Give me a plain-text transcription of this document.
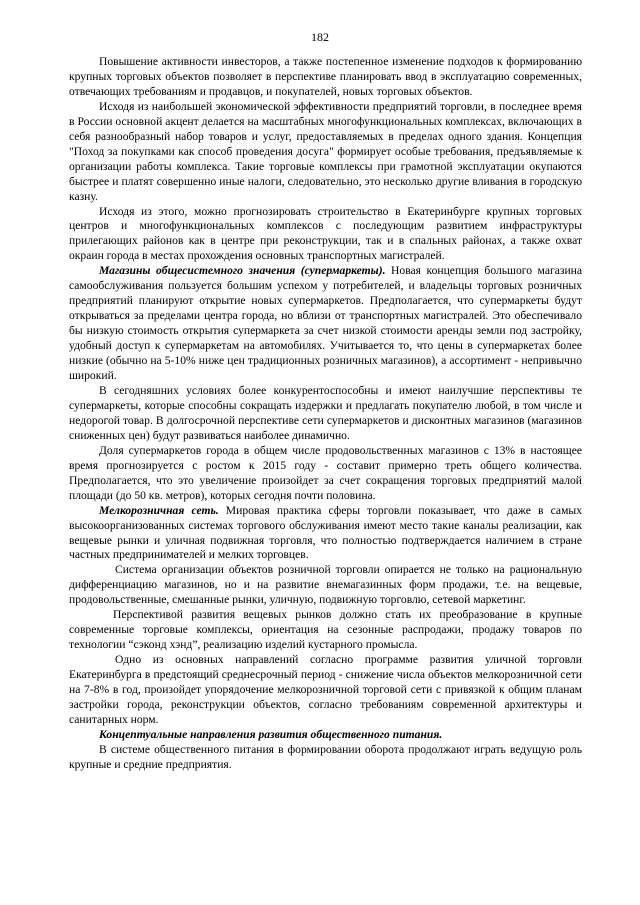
182

Повышение активности инвесторов, а также постепенное изменение подходов к формированию крупных торговых объектов позволяет в перспективе планировать ввод в эксплуатацию современных, отвечающих требованиям и продавцов, и покупателей, новых торговых объектов.

Исходя из наибольшей экономической эффективности предприятий торговли, в последнее время в России основной акцент делается на масштабных многофункциональных комплексах, включающих в себя разнообразный набор товаров и услуг, предоставляемых в пределах одного здания. Концепция "Поход за покупками как способ проведения досуга" формирует особые требования, предъявляемые к организации работы комплекса. Такие торговые комплексы при грамотной эксплуатации окупаются быстрее и платят совершенно иные налоги, следовательно, это несколько другие вливания в городскую казну.

Исходя из этого, можно прогнозировать строительство в Екатеринбурге крупных торговых центров и многофункциональных комплексов с последующим развитием инфраструктуры прилегающих районов как в центре при реконструкции, так и в спальных районах, а также охват окраин города в местах прохождения основных транспортных магистралей.

Магазины общесистемного значения (супермаркеты). Новая концепция большого магазина самообслуживания пользуется большим успехом у потребителей, и владельцы торговых розничных предприятий планируют открытие новых супермаркетов. Предполагается, что супермаркеты будут открываться за пределами центра города, но вблизи от транспортных магистралей. Это обеспечивало бы низкую стоимость открытия супермаркета за счет низкой стоимости аренды земли под застройку, удобный доступ к супермаркетам на автомобилях. Учитывается то, что цены в супермаркетах более низкие (обычно на 5-10% ниже цен традиционных розничных магазинов), а ассортимент - непривычно широкий.

В сегодняшних условиях более конкурентоспособны и имеют наилучшие перспективы те супермаркеты, которые способны сокращать издержки и предлагать покупателю любой, в том числе и недорогой товар. В долгосрочной перспективе сети супермаркетов и дисконтных магазинов (магазинов сниженных цен) будут развиваться наиболее динамично.

Доля супермаркетов города в общем числе продовольственных магазинов с 13% в настоящее время прогнозируется с ростом к 2015 году - составит примерно треть общего количества. Предполагается, что это увеличение произойдет за счет сокращения торговых предприятий малой площади (до 50 кв. метров), которых сегодня почти половина.

Мелкорозничная сеть. Мировая практика сферы торговли показывает, что даже в самых высокоорганизованных системах торгового обслуживания имеют место такие каналы реализации, как вещевые рынки и уличная подвижная торговля, что полностью подтверждается наличием в стране частных предпринимателей и мелких торговцев.

Система организации объектов розничной торговли опирается не только на рациональную дифференциацию магазинов, но и на развитие внемагазинных форм продажи, т.е. на вещевые, продовольственные, смешанные рынки, уличную, подвижную торговлю, сетевой маркетинг.

Перспективой развития вещевых рынков должно стать их преобразование в крупные современные торговые комплексы, ориентация на сезонные распродажи, продажу товаров по технологии “сэконд хэнд”, реализацию изделий кустарного промысла.

Одно из основных направлений согласно программе развития уличной торговли Екатеринбурга в предстоящий среднесрочный период - снижение числа объектов мелкорозничной сети на 7-8% в год, произойдет упорядочение мелкорозничной торговой сети с привязкой к общим планам застройки города, реконструкции объектов, согласно требованиям современной архитектуры и санитарных норм.

Концептуальные направления развития общественного питания.

В системе общественного питания в формировании оборота продолжают играть ведущую роль крупные и средние предприятия.
